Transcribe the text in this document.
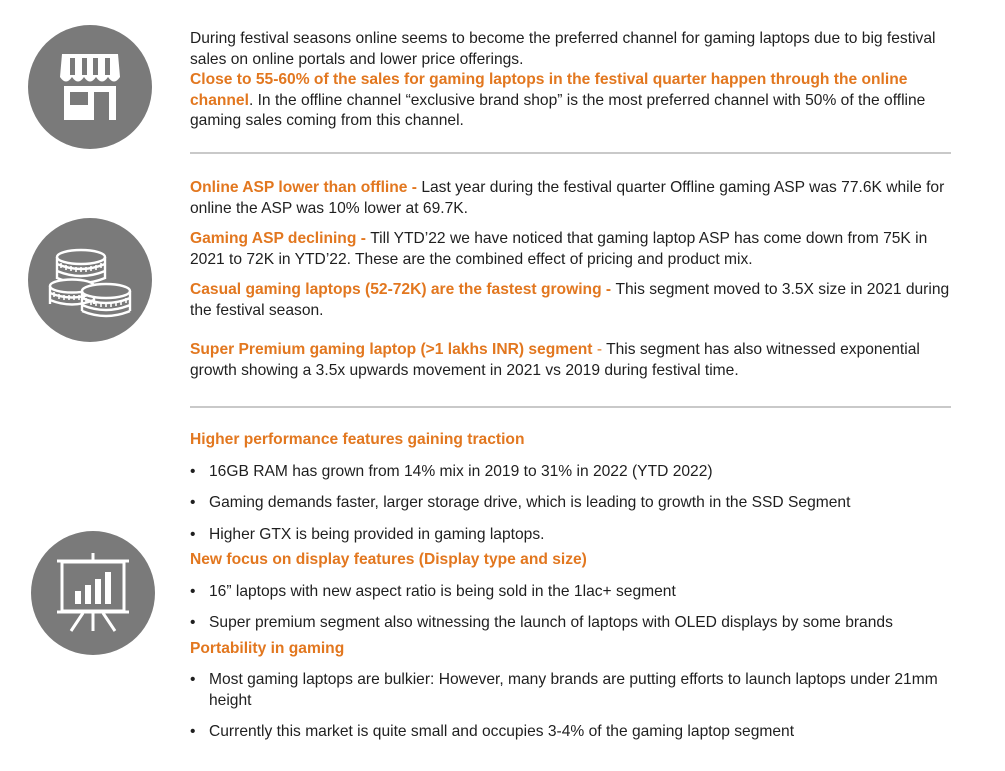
During festival seasons online seems to become the preferred channel for gaming laptops due to big festival sales on online portals and lower price offerings.
Close to 55-60% of the sales for gaming laptops in the festival quarter happen through the online channel. In the offline channel “exclusive brand shop” is the most preferred channel with 50% of the offline gaming sales coming from this channel.

Online ASP lower than offline - Last year during the festival quarter Offline gaming ASP was 77.6K while for online the ASP was 10% lower at 69.7K.

Gaming ASP declining - Till YTD’22 we have noticed that gaming laptop ASP has come down from 75K in 2021 to 72K in YTD’22. These are the combined effect of pricing and product mix.

Casual gaming laptops (52-72K) are the fastest growing - This segment moved to 3.5X size in 2021 during the festival season.

Super Premium gaming laptop (>1 lakhs INR) segment - This segment has also witnessed exponential growth showing a 3.5x upwards movement in 2021 vs 2019 during festival time.

Higher performance features gaining traction

• 16GB RAM has grown from 14% mix in 2019 to 31% in 2022 (YTD 2022)
• Gaming demands faster, larger storage drive, which is leading to growth in the SSD Segment
• Higher GTX is being provided in gaming laptops.

New focus on display features (Display type and size)

• 16” laptops with new aspect ratio is being sold in the 1lac+ segment
• Super premium segment also witnessing the launch of laptops with OLED displays by some brands

Portability in gaming

• Most gaming laptops are bulkier: However, many brands are putting efforts to launch laptops under 21mm height
• Currently this market is quite small and occupies 3-4% of the gaming laptop segment
